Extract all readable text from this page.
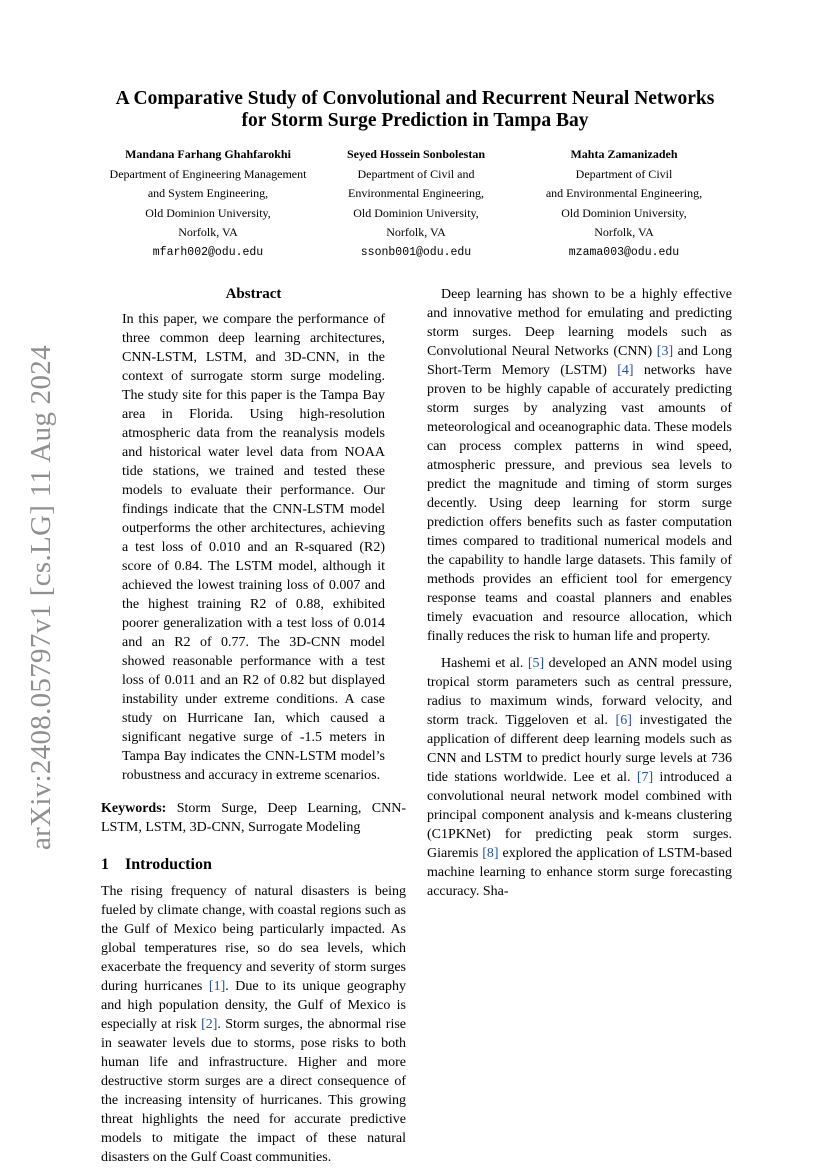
arXiv:2408.05797v1 [cs.LG] 11 Aug 2024
A Comparative Study of Convolutional and Recurrent Neural Networks
for Storm Surge Prediction in Tampa Bay
Mandana Farhang Ghahfarokhi
Department of Engineering Management
and System Engineering,
Old Dominion University,
Norfolk, VA
mfarh002@odu.edu
Seyed Hossein Sonbolestan
Department of Civil and
Environmental Engineering,
Old Dominion University,
Norfolk, VA
ssonb001@odu.edu
Mahta Zamanizadeh
Department of Civil
and Environmental Engineering,
Old Dominion University,
Norfolk, VA
mzama003@odu.edu
Abstract

In this paper, we compare the performance of three common deep learning architectures, CNN-LSTM, LSTM, and 3D-CNN, in the context of surrogate storm surge modeling. The study site for this paper is the Tampa Bay area in Florida. Using high-resolution atmospheric data from the reanalysis models and historical water level data from NOAA tide stations, we trained and tested these models to evaluate their performance. Our findings indicate that the CNN-LSTM model outperforms the other architectures, achieving a test loss of 0.010 and an R-squared (R2) score of 0.84. The LSTM model, although it achieved the lowest training loss of 0.007 and the highest training R2 of 0.88, exhibited poorer generalization with a test loss of 0.014 and an R2 of 0.77. The 3D-CNN model showed reasonable performance with a test loss of 0.011 and an R2 of 0.82 but displayed instability under extreme conditions. A case study on Hurricane Ian, which caused a significant negative surge of -1.5 meters in Tampa Bay indicates the CNN-LSTM model’s robustness and accuracy in extreme scenarios.

Keywords: Storm Surge, Deep Learning, CNN-LSTM, LSTM, 3D-CNN, Surrogate Modeling

1 Introduction

The rising frequency of natural disasters is being fueled by climate change, with coastal regions such as the Gulf of Mexico being particularly impacted. As global temperatures rise, so do sea levels, which exacerbate the frequency and severity of storm surges during hurricanes [1]. Due to its unique geography and high population density, the Gulf of Mexico is especially at risk [2]. Storm surges, the abnormal rise in seawater levels due to storms, pose risks to both human life and infrastructure. Higher and more destructive storm surges are a direct consequence of the increasing intensity of hurricanes. This growing threat highlights the need for accurate predictive models to mitigate the impact of these natural disasters on the Gulf Coast communities.

Deep learning has shown to be a highly effective and innovative method for emulating and predicting storm surges. Deep learning models such as Convolutional Neural Networks (CNN) [3] and Long Short-Term Memory (LSTM) [4] networks have proven to be highly capable of accurately predicting storm surges by analyzing vast amounts of meteorological and oceanographic data. These models can process complex patterns in wind speed, atmospheric pressure, and previous sea levels to predict the magnitude and timing of storm surges decently. Using deep learning for storm surge prediction offers benefits such as faster computation times compared to traditional numerical models and the capability to handle large datasets. This family of methods provides an efficient tool for emergency response teams and coastal planners and enables timely evacuation and resource allocation, which finally reduces the risk to human life and property.

Hashemi et al. [5] developed an ANN model using tropical storm parameters such as central pressure, radius to maximum winds, forward velocity, and storm track. Tiggeloven et al. [6] investigated the application of different deep learning models such as CNN and LSTM to predict hourly surge levels at 736 tide stations worldwide. Lee et al. [7] introduced a convolutional neural network model combined with principal component analysis and k-means clustering (C1PKNet) for predicting peak storm surges. Giaremis [8] explored the application of LSTM-based machine learning to enhance storm surge forecasting accuracy. Sha-
